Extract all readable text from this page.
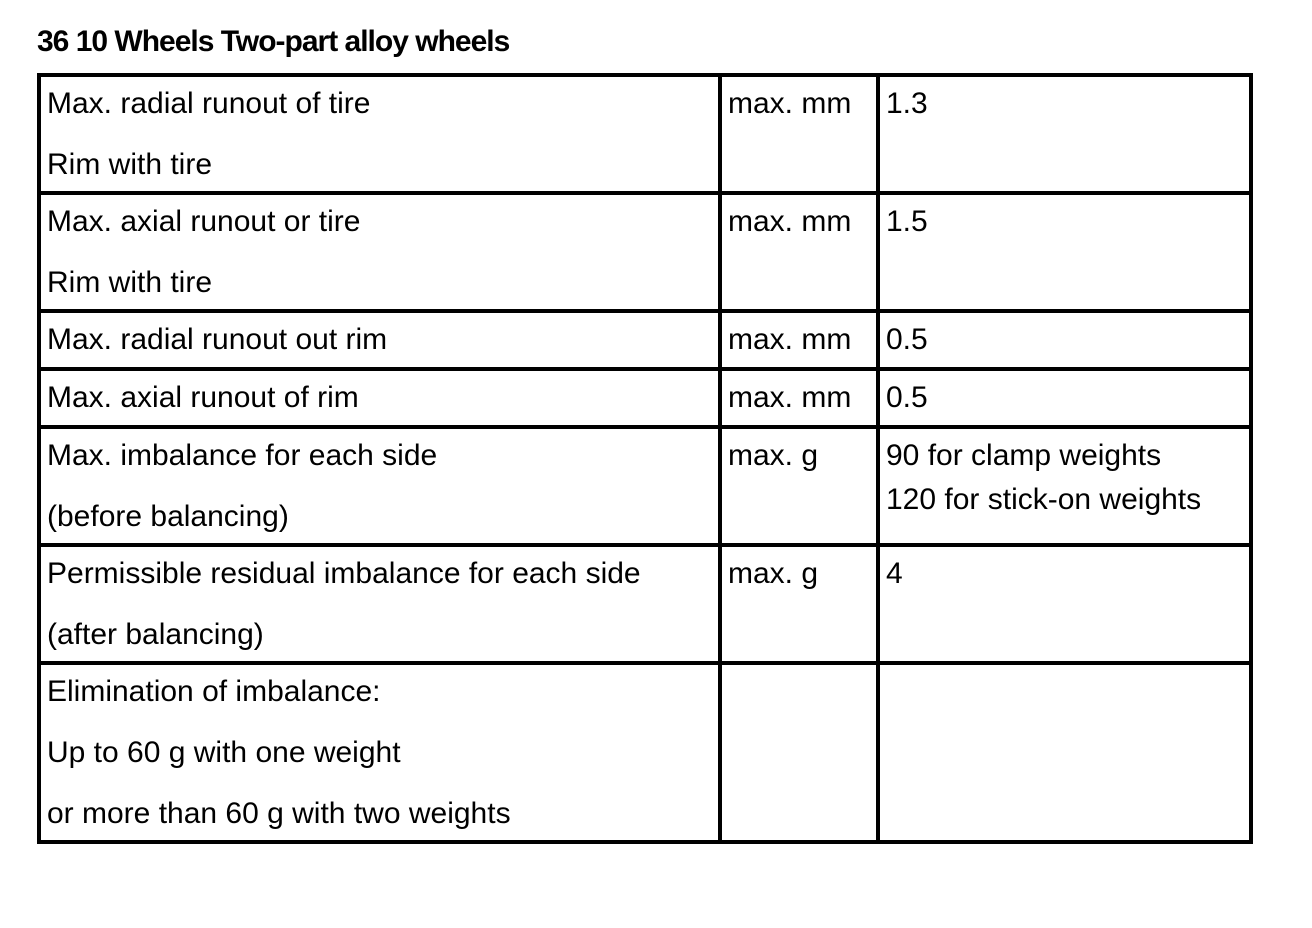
36 10 Wheels Two-part alloy wheels
Max. radial runout of tire
Rim with tire	max. mm	1.3

Max. axial runout or tire
Rim with tire	max. mm	1.5

Max. radial runout out rim	max. mm	0.5

Max. axial runout of rim	max. mm	0.5

Max. imbalance for each side
(before balancing)	max. g	90 for clamp weights
120 for stick-on weights

Permissible residual imbalance for each side
(after balancing)	max. g	4

Elimination of imbalance:
Up to 60 g with one weight
or more than 60 g with two weights		
